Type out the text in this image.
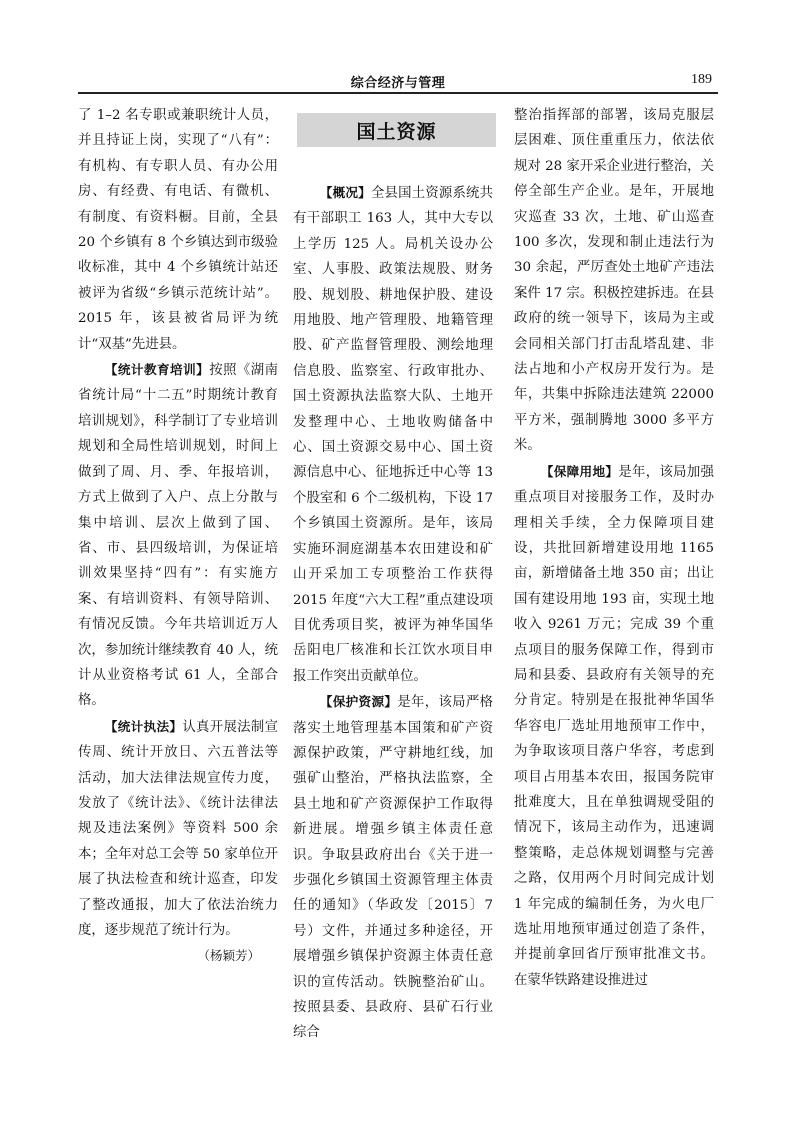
综合经济与管理	189

了 1–2 名专职或兼职统计人员，并且持证上岗，实现了“八有”：有机构、有专职人员、有办公用房、有经费、有电话、有微机、有制度、有资料橱。目前，全县 20 个乡镇有 8 个乡镇达到市级验收标准，其中 4 个乡镇统计站还被评为省级“乡镇示范统计站”。2015 年，该县被省局评为统计“双基”先进县。

【统计教育培训】按照《湖南省统计局“十二五”时期统计教育培训规划》，科学制订了专业培训规划和全局性培训规划，时间上做到了周、月、季、年报培训，方式上做到了入户、点上分散与集中培训、层次上做到了国、省、市、县四级培训，为保证培训效果坚持“四有”：有实施方案、有培训资料、有领导陪训、有情况反馈。今年共培训近万人次，参加统计继续教育 40 人，统计从业资格考试 61 人，全部合格。

【统计执法】认真开展法制宣传周、统计开放日、六五普法等活动，加大法律法规宣传力度，发放了《统计法》、《统计法律法规及违法案例》等资料 500 余本；全年对总工会等 50 家单位开展了执法检查和统计巡查，印发了整改通报，加大了依法治统力度，逐步规范了统计行为。

（杨颖芳）

国土资源

【概况】全县国土资源系统共有干部职工 163 人，其中大专以上学历 125 人。局机关设办公室、人事股、政策法规股、财务股、规划股、耕地保护股、建设用地股、地产管理股、地籍管理股、矿产监督管理股、测绘地理信息股、监察室、行政审批办、国土资源执法监察大队、土地开发整理中心、土地收购储备中心、国土资源交易中心、国土资源信息中心、征地拆迁中心等 13 个股室和 6 个二级机构，下设 17 个乡镇国土资源所。是年，该局实施环洞庭湖基本农田建设和矿山开采加工专项整治工作获得 2015 年度“六大工程”重点建设项目优秀项目奖，被评为神华国华岳阳电厂核准和长江饮水项目申报工作突出贡献单位。

【保护资源】是年，该局严格落实土地管理基本国策和矿产资源保护政策，严守耕地红线，加强矿山整治，严格执法监察，全县土地和矿产资源保护工作取得新进展。增强乡镇主体责任意识。争取县政府出台《关于进一步强化乡镇国土资源管理主体责任的通知》（华政发〔2015〕7 号）文件，并通过多种途径，开展增强乡镇保护资源主体责任意识的宣传活动。铁腕整治矿山。按照县委、县政府、县矿石行业综合

整治指挥部的部署，该局克服层层困难、顶住重重压力，依法依规对 28 家开采企业进行整治，关停全部生产企业。是年，开展地灾巡查 33 次，土地、矿山巡查 100 多次，发现和制止违法行为 30 余起，严厉查处土地矿产违法案件 17 宗。积极控建拆违。在县政府的统一领导下，该局为主或会同相关部门打击乱塔乱建、非法占地和小产权房开发行为。是年，共集中拆除违法建筑 22000 平方米，强制腾地 3000 多平方米。

【保障用地】是年，该局加强重点项目对接服务工作，及时办理相关手续，全力保障项目建设，共批回新增建设用地 1165 亩，新增储备土地 350 亩；出让国有建设用地 193 亩，实现土地收入 9261 万元；完成 39 个重点项目的服务保障工作，得到市局和县委、县政府有关领导的充分肯定。特别是在报批神华国华华容电厂选址用地预审工作中，为争取该项目落户华容，考虑到项目占用基本农田，报国务院审批难度大，且在单独调规受阻的情况下，该局主动作为，迅速调整策略，走总体规划调整与完善之路，仅用两个月时间完成计划 1 年完成的编制任务，为火电厂选址用地预审通过创造了条件，并提前拿回省厅预审批准文书。在蒙华铁路建设推进过
